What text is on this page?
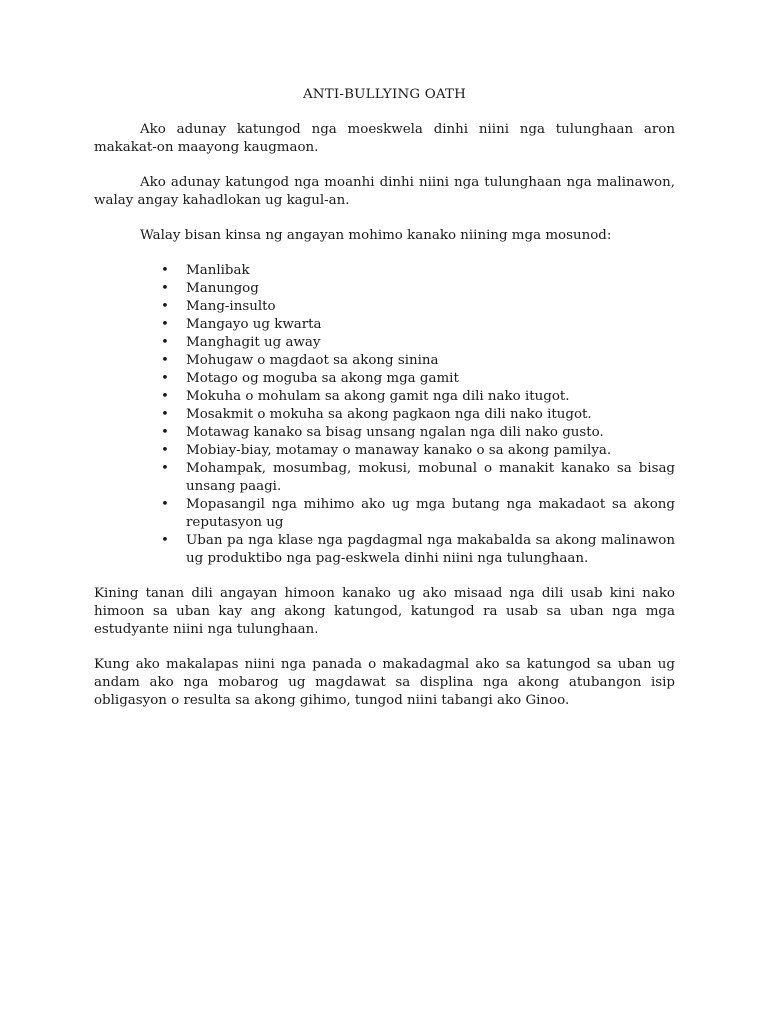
ANTI-BULLYING OATH

Ako adunay katungod nga moeskwela dinhi niini nga tulunghaan aron makakat-on maayong kaugmaon.

Ako adunay katungod nga moanhi dinhi niini nga tulunghaan nga malinawon, walay angay kahadlokan ug kagul-an.

Walay bisan kinsa ng angayan mohimo kanako niining mga mosunod:

• Manlibak
• Manungog
• Mang-insulto
• Mangayo ug kwarta
• Manghagit ug away
• Mohugaw o magdaot sa akong sinina
• Motago og moguba sa akong mga gamit
• Mokuha o mohulam sa akong gamit nga dili nako itugot.
• Mosakmit o mokuha sa akong pagkaon nga dili nako itugot.
• Motawag kanako sa bisag unsang ngalan nga dili nako gusto.
• Mobiay-biay, motamay o manaway kanako o sa akong pamilya.
• Mohampak, mosumbag, mokusi, mobunal o manakit kanako sa bisag unsang paagi.
• Mopasangil nga mihimo ako ug mga butang nga makadaot sa akong reputasyon ug
• Uban pa nga klase nga pagdagmal nga makabalda sa akong malinawon ug produktibo nga pag-eskwela dinhi niini nga tulunghaan.

Kining tanan dili angayan himoon kanako ug ako misaad nga dili usab kini nako himoon sa uban kay ang akong katungod, katungod ra usab sa uban nga mga estudyante niini nga tulunghaan.

Kung ako makalapas niini nga panada o makadagmal ako sa katungod sa uban ug andam ako nga mobarog ug magdawat sa displina nga akong atubangon isip obligasyon o resulta sa akong gihimo, tungod niini tabangi ako Ginoo.
